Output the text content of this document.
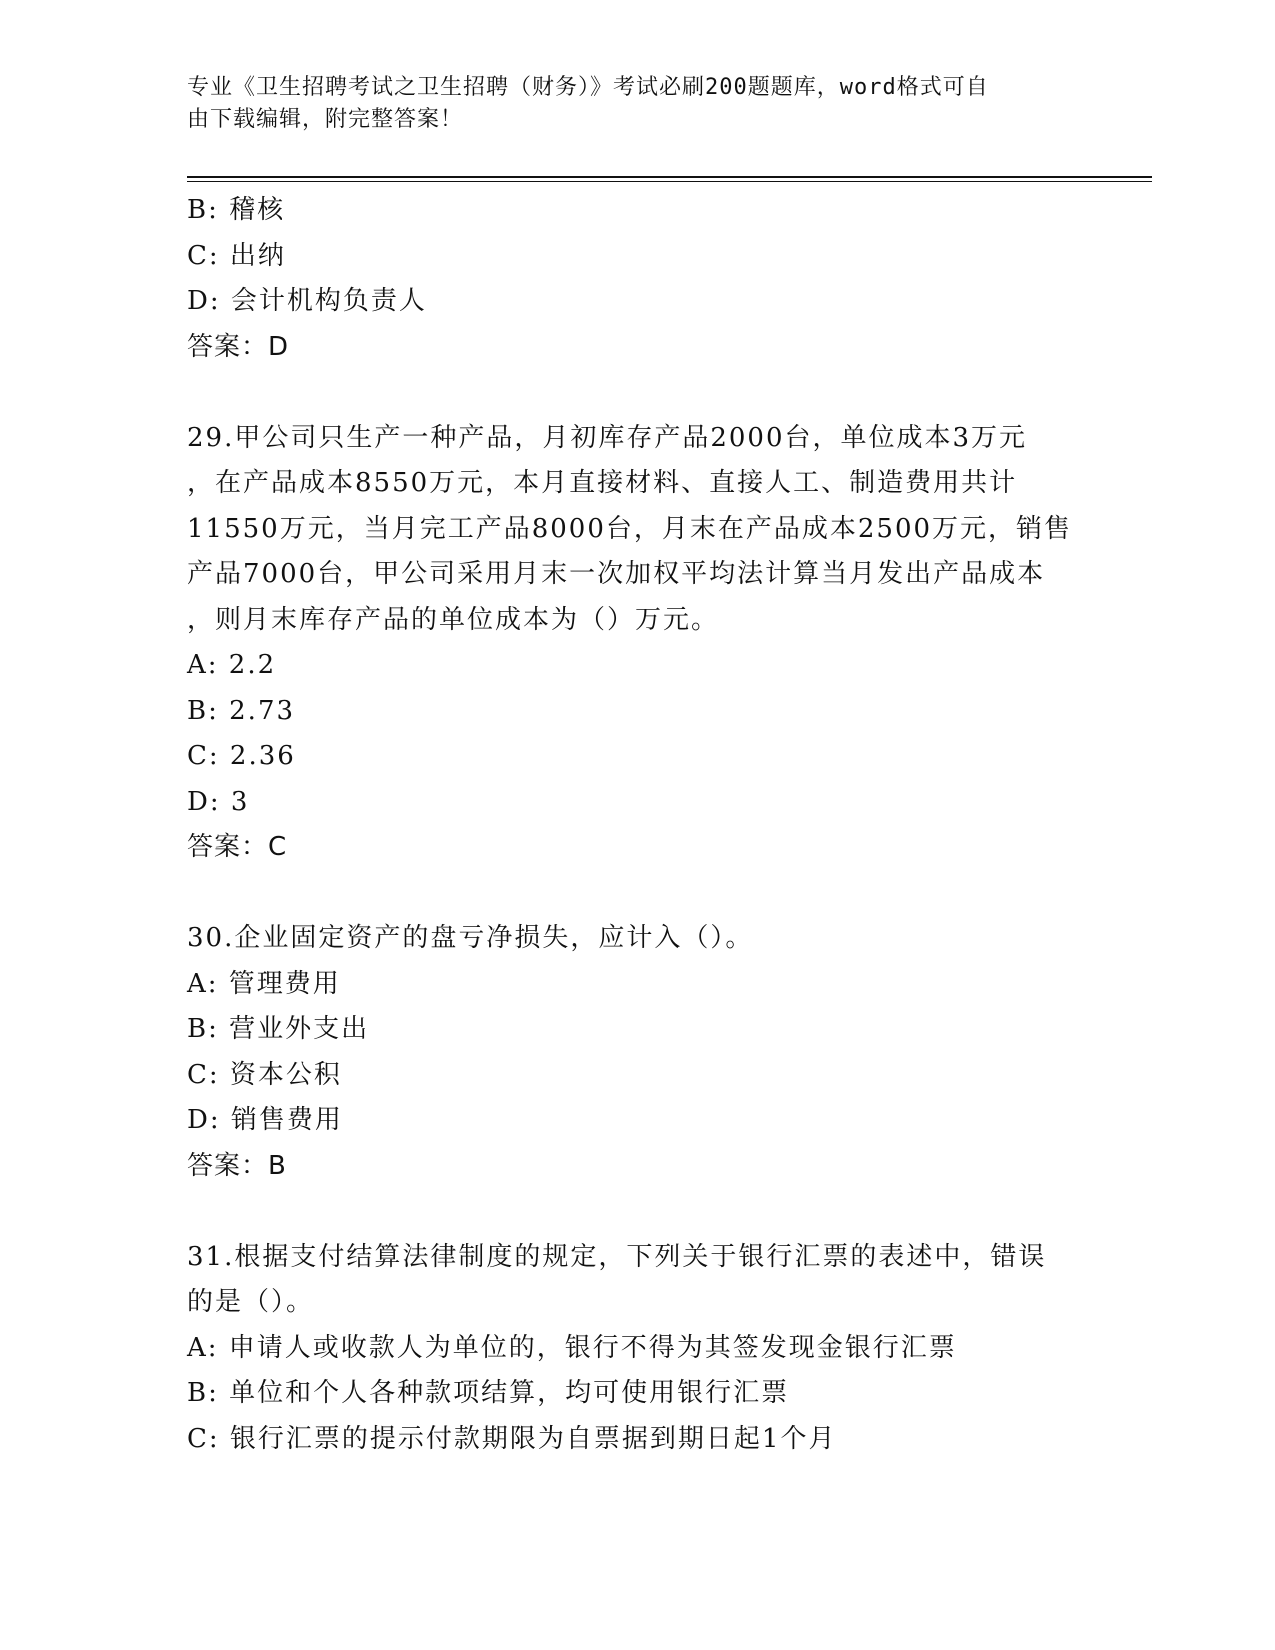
专业《卫生招聘考试之卫生招聘（财务）》考试必刷200题题库，word格式可自
由下载编辑，附完整答案！
B: 稽核
C: 出纳
D: 会计机构负责人
答案：D
29.甲公司只生产一种产品，月初库存产品2000台，单位成本3万元
，在产品成本8550万元，本月直接材料、直接人工、制造费用共计
11550万元，当月完工产品8000台，月末在产品成本2500万元，销售
产品7000台，甲公司采用月末一次加权平均法计算当月发出产品成本
，则月末库存产品的单位成本为（）万元。
A: 2.2
B: 2.73
C: 2.36
D: 3
答案：C
30.企业固定资产的盘亏净损失，应计入（）。
A: 管理费用
B: 营业外支出
C: 资本公积
D: 销售费用
答案：B
31.根据支付结算法律制度的规定，下列关于银行汇票的表述中，错误
的是（）。
A: 申请人或收款人为单位的，银行不得为其签发现金银行汇票
B: 单位和个人各种款项结算，均可使用银行汇票
C: 银行汇票的提示付款期限为自票据到期日起1个月
